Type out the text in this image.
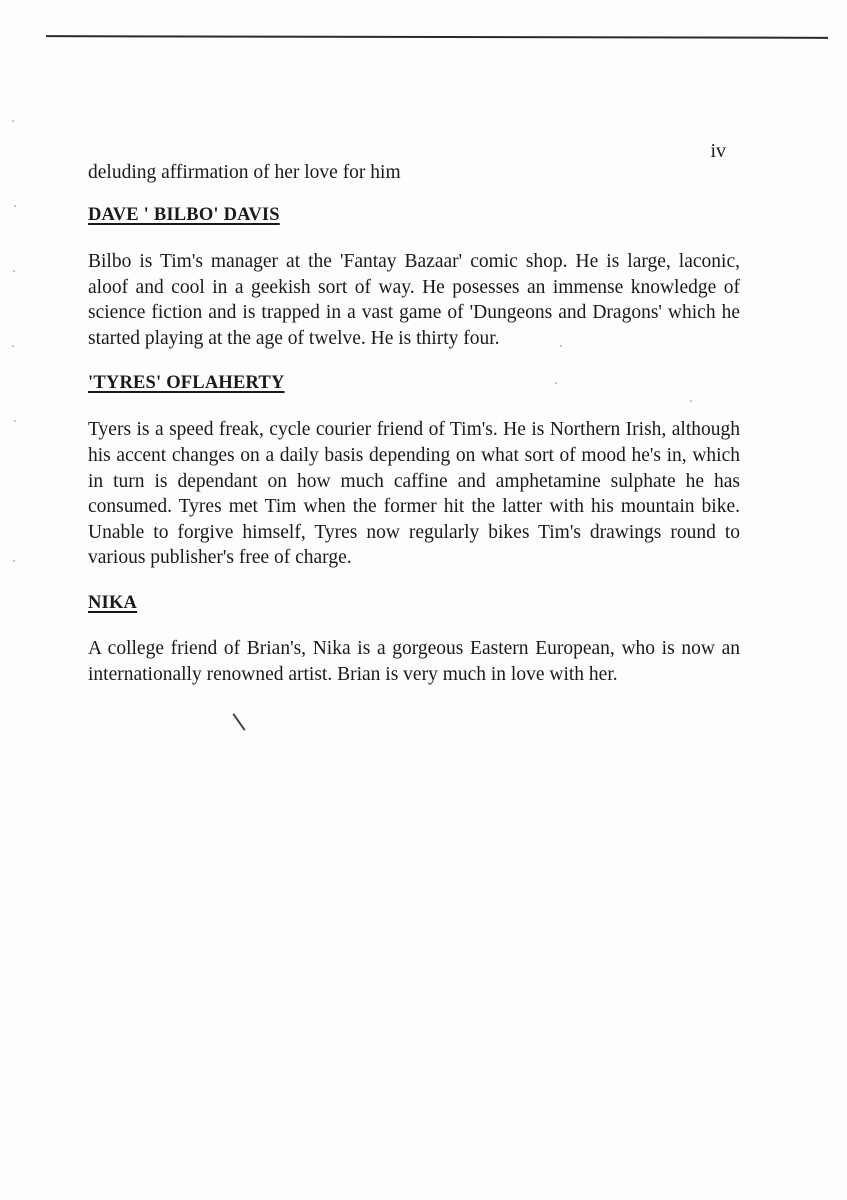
iv

deluding affirmation of her love for him

DAVE ' BILBO' DAVIS

Bilbo is Tim's manager at the 'Fantay Bazaar' comic shop. He is large, laconic, aloof and cool in a geekish sort of way. He posesses an immense knowledge of science fiction and is trapped in a vast game of 'Dungeons and Dragons' which he started playing at the age of twelve. He is thirty four.

'TYRES' OFLAHERTY

Tyers is a speed freak, cycle courier friend of Tim's. He is Northern Irish, although his accent changes on a daily basis depending on what sort of mood he's in, which in turn is dependant on how much caffine and amphetamine sulphate he has consumed. Tyres met Tim when the former hit the latter with his mountain bike. Unable to forgive himself, Tyres now regularly bikes Tim's drawings round to various publisher's free of charge.

NIKA

A college friend of Brian's, Nika is a gorgeous Eastern European, who is now an internationally renowned artist. Brian is very much in love with her.
